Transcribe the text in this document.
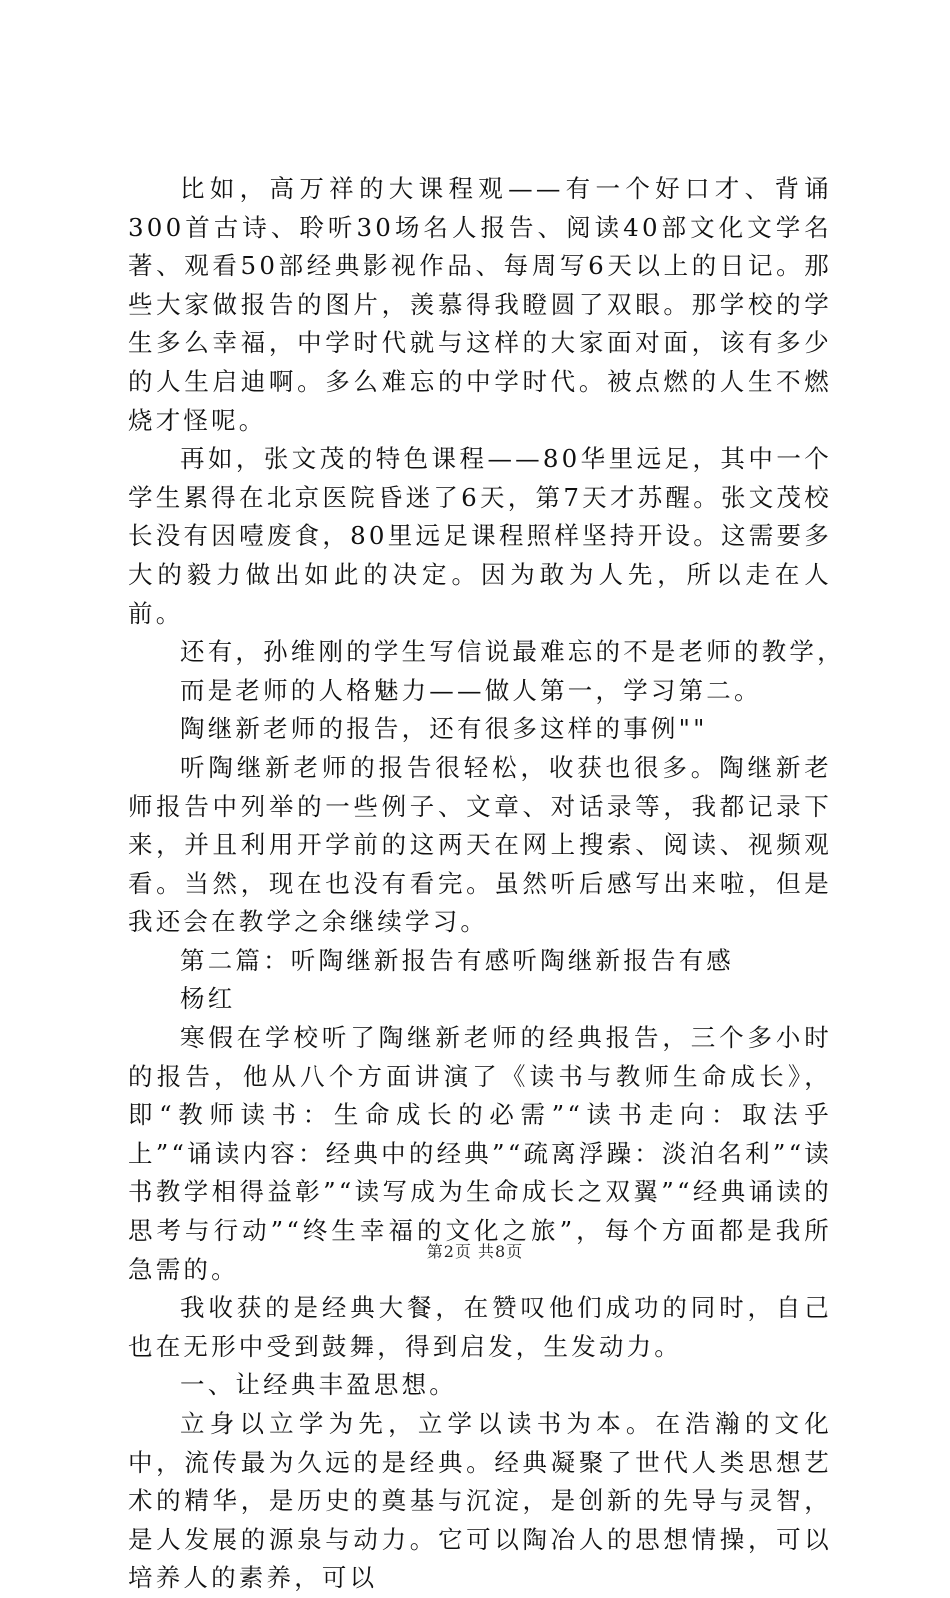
比如，高万祥的大课程观——有一个好口才、背诵300首古诗、聆听30场名人报告、阅读40部文化文学名著、观看50部经典影视作品、每周写6天以上的日记。那些大家做报告的图片，羡慕得我瞪圆了双眼。那学校的学生多么幸福，中学时代就与这样的大家面对面，该有多少的人生启迪啊。多么难忘的中学时代。被点燃的人生不燃烧才怪呢。

再如，张文茂的特色课程——80华里远足，其中一个学生累得在北京医院昏迷了6天，第7天才苏醒。张文茂校长没有因噎废食，80里远足课程照样坚持开设。这需要多大的毅力做出如此的决定。因为敢为人先，所以走在人前。

还有，孙维刚的学生写信说最难忘的不是老师的教学，

而是老师的人格魅力——做人第一，学习第二。

陶继新老师的报告，还有很多这样的事例""

听陶继新老师的报告很轻松，收获也很多。陶继新老师报告中列举的一些例子、文章、对话录等，我都记录下来，并且利用开学前的这两天在网上搜索、阅读、视频观看。当然，现在也没有看完。虽然听后感写出来啦，但是我还会在教学之余继续学习。

第二篇：听陶继新报告有感听陶继新报告有感

杨红

寒假在学校听了陶继新老师的经典报告，三个多小时的报告，他从八个方面讲演了《读书与教师生命成长》，即“教师读书：生命成长的必需”“读书走向：取法乎上”“诵读内容：经典中的经典”“疏离浮躁：淡泊名利”“读书教学相得益彰”“读写成为生命成长之双翼”“经典诵读的思考与行动”“终生幸福的文化之旅”，每个方面都是我所急需的。

我收获的是经典大餐，在赞叹他们成功的同时，自己也在无形中受到鼓舞，得到启发，生发动力。

一、让经典丰盈思想。

立身以立学为先，立学以读书为本。在浩瀚的文化中，流传最为久远的是经典。经典凝聚了世代人类思想艺术的精华，是历史的奠基与沉淀，是创新的先导与灵智，是人发展的源泉与动力。它可以陶冶人的思想情操，可以培养人的素养，可以

第2页 共8页
